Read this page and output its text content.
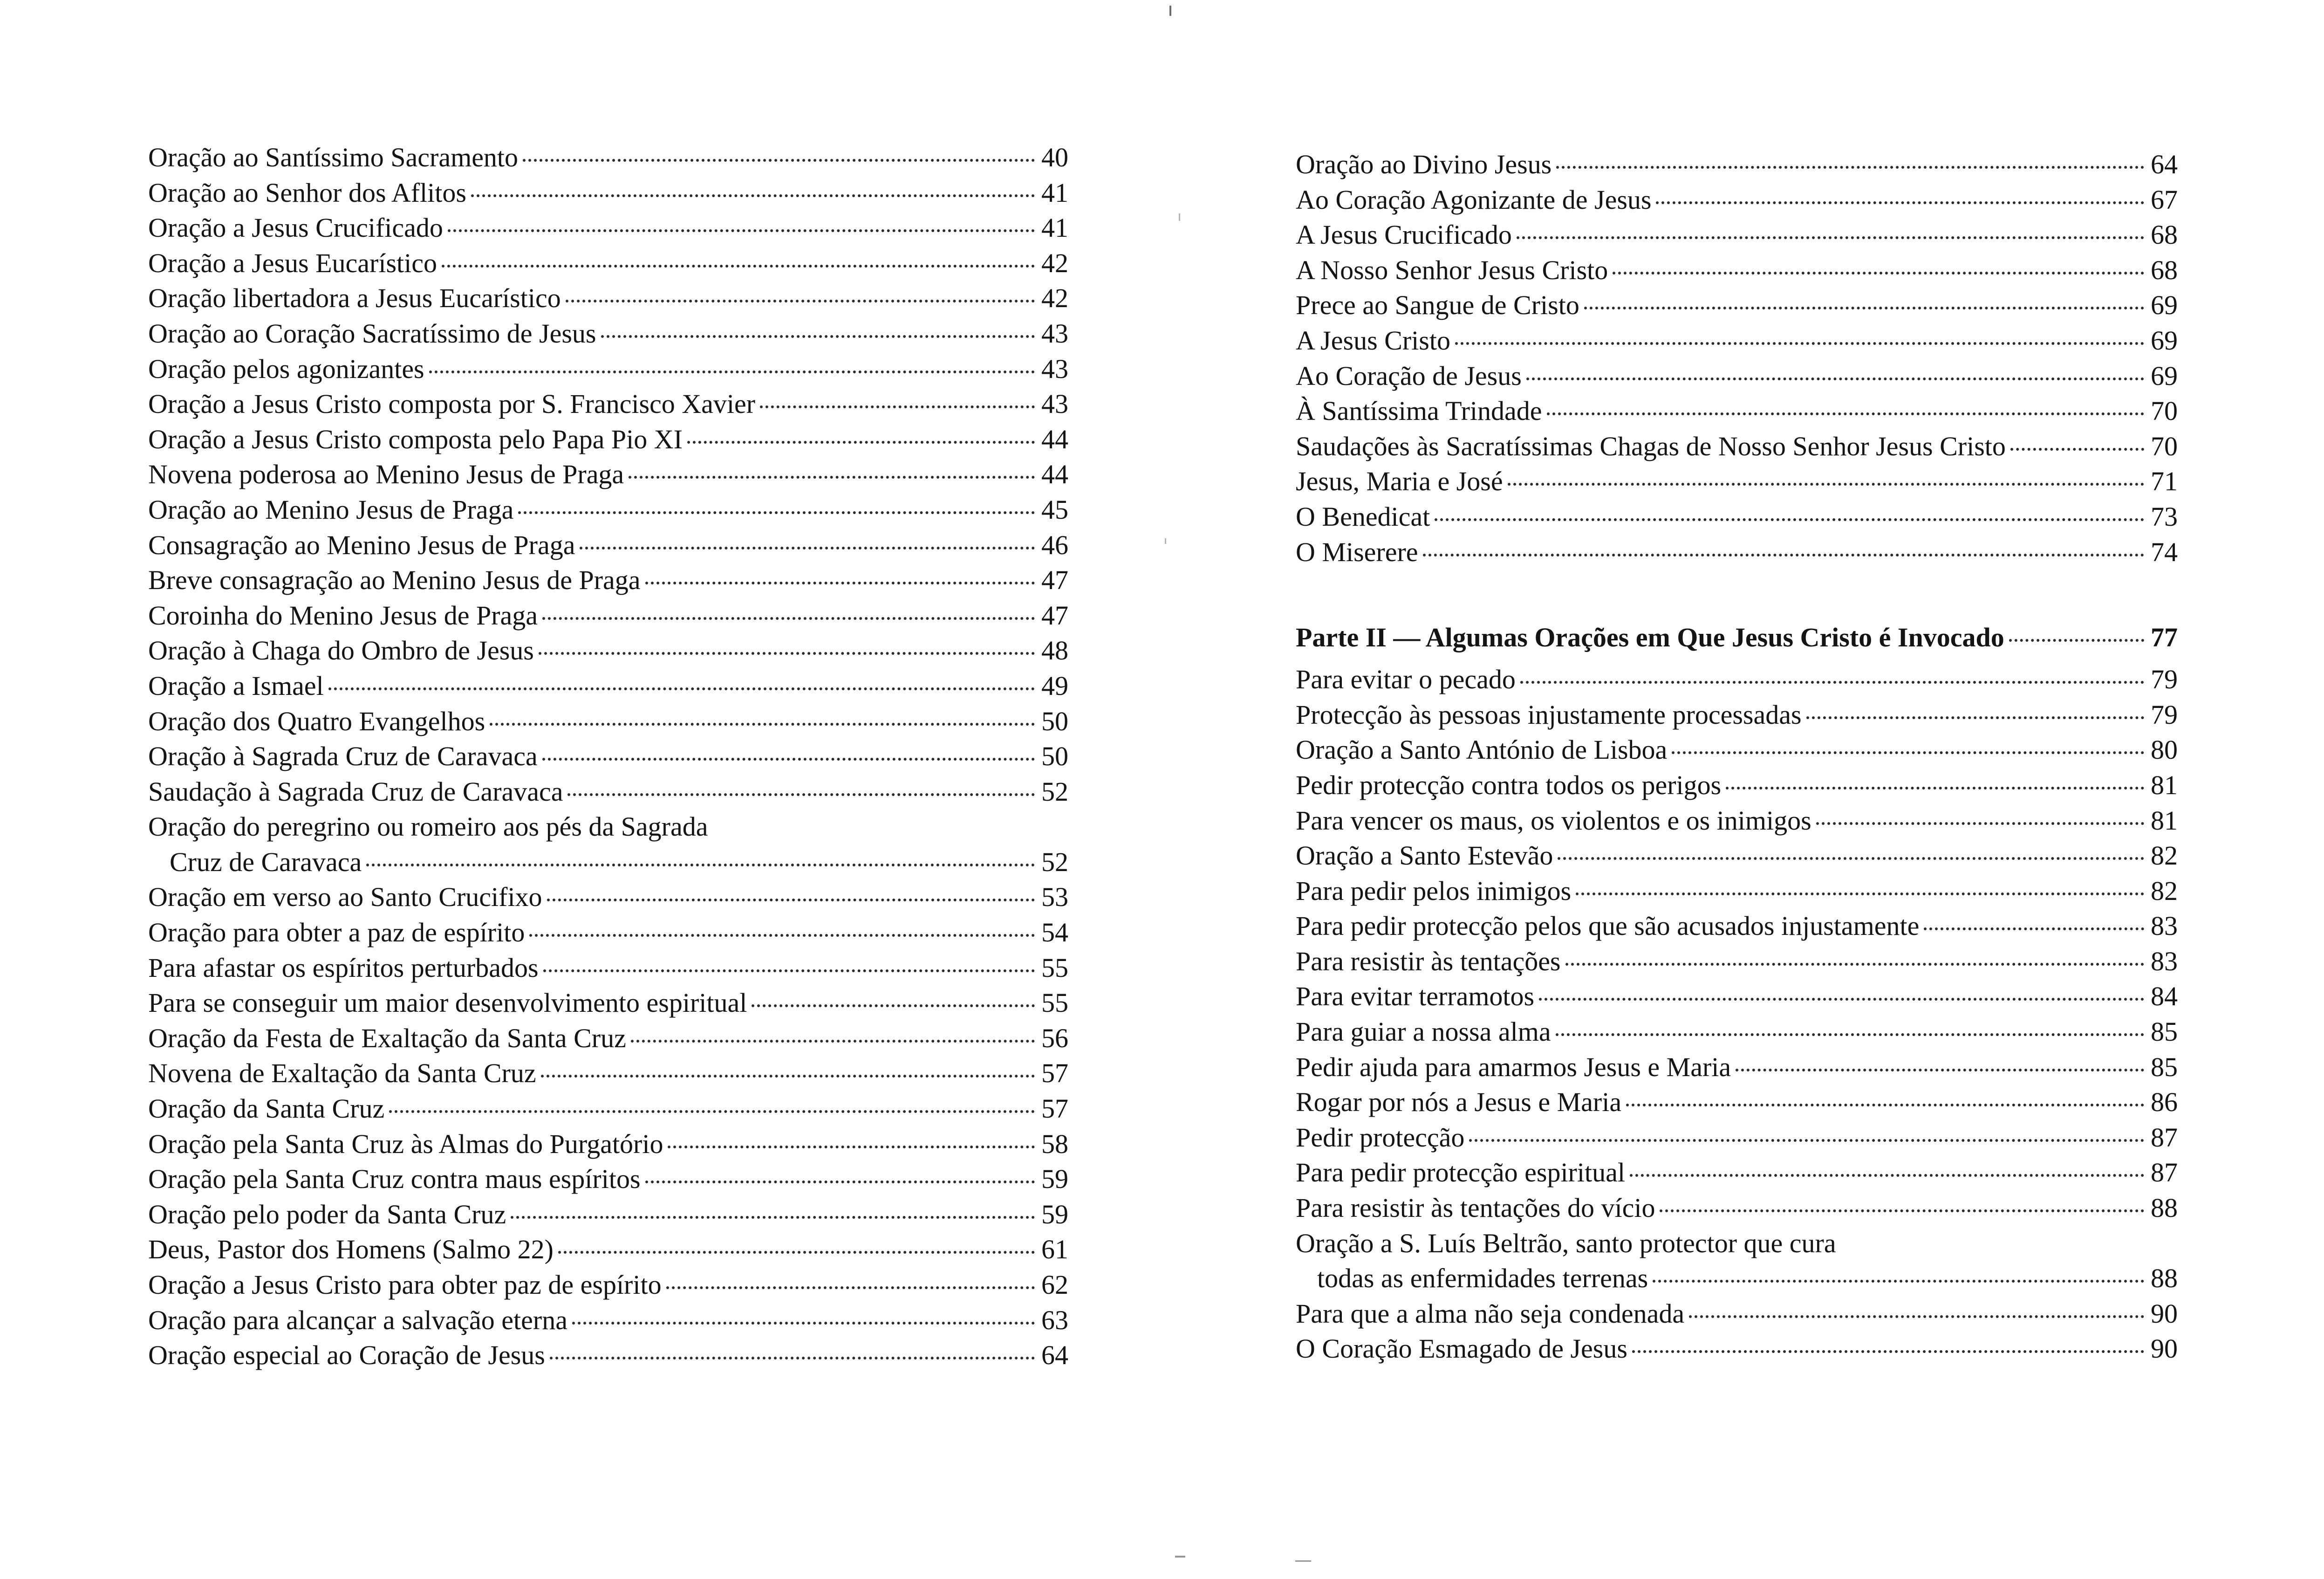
Oração ao Santíssimo Sacramento	40
Oração ao Senhor dos Aflitos	41
Oração a Jesus Crucificado	41
Oração a Jesus Eucarístico	42
Oração libertadora a Jesus Eucarístico	42
Oração ao Coração Sacratíssimo de Jesus	43
Oração pelos agonizantes	43
Oração a Jesus Cristo composta por S. Francisco Xavier	43
Oração a Jesus Cristo composta pelo Papa Pio XI	44
Novena poderosa ao Menino Jesus de Praga	44
Oração ao Menino Jesus de Praga	45
Consagração ao Menino Jesus de Praga	46
Breve consagração ao Menino Jesus de Praga	47
Coroinha do Menino Jesus de Praga	47
Oração à Chaga do Ombro de Jesus	48
Oração a Ismael	49
Oração dos Quatro Evangelhos	50
Oração à Sagrada Cruz de Caravaca	50
Saudação à Sagrada Cruz de Caravaca	52
Oração do peregrino ou romeiro aos pés da Sagrada
Cruz de Caravaca	52
Oração em verso ao Santo Crucifixo	53
Oração para obter a paz de espírito	54
Para afastar os espíritos perturbados	55
Para se conseguir um maior desenvolvimento espiritual	55
Oração da Festa de Exaltação da Santa Cruz	56
Novena de Exaltação da Santa Cruz	57
Oração da Santa Cruz	57
Oração pela Santa Cruz às Almas do Purgatório	58
Oração pela Santa Cruz contra maus espíritos	59
Oração pelo poder da Santa Cruz	59
Deus, Pastor dos Homens (Salmo 22)	61
Oração a Jesus Cristo para obter paz de espírito	62
Oração para alcançar a salvação eterna	63
Oração especial ao Coração de Jesus	64
Oração ao Divino Jesus	64
Ao Coração Agonizante de Jesus	67
A Jesus Crucificado	68
A Nosso Senhor Jesus Cristo	68
Prece ao Sangue de Cristo	69
A Jesus Cristo	69
Ao Coração de Jesus	69
À Santíssima Trindade	70
Saudações às Sacratíssimas Chagas de Nosso Senhor Jesus Cristo	70
Jesus, Maria e José	71
O Benedicat	73
O Miserere	74
Parte II — Algumas Orações em Que Jesus Cristo é Invocado	77
Para evitar o pecado	79
Protecção às pessoas injustamente processadas	79
Oração a Santo António de Lisboa	80
Pedir protecção contra todos os perigos	81
Para vencer os maus, os violentos e os inimigos	81
Oração a Santo Estevão	82
Para pedir pelos inimigos	82
Para pedir protecção pelos que são acusados injustamente	83
Para resistir às tentações	83
Para evitar terramotos	84
Para guiar a nossa alma	85
Pedir ajuda para amarmos Jesus e Maria	85
Rogar por nós a Jesus e Maria	86
Pedir protecção	87
Para pedir protecção espiritual	87
Para resistir às tentações do vício	88
Oração a S. Luís Beltrão, santo protector que cura
todas as enfermidades terrenas	88
Para que a alma não seja condenada	90
O Coração Esmagado de Jesus	90
